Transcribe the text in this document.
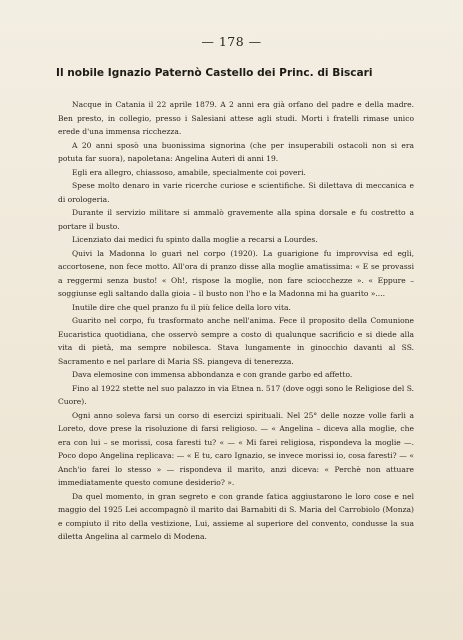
— 178 —
Il nobile Ignazio Paternò Castello dei Princ. di Biscari

Nacque in Catania il 22 aprile 1879. A 2 anni era già orfano del padre e della madre. Ben presto, in collegio, presso i Salesiani attese agli studi. Morti i fratelli rimase unico erede d'una immensa ricchezza.

A 20 anni sposò una buonissima signorina (che per insuperabili ostacoli non si era potuta far suora), napoletana: Angelina Auteri di anni 19.

Egli era allegro, chiassoso, amabile, specialmente coi poveri.

Spese molto denaro in varie ricerche curiose e scientifiche. Si dilettava di meccanica e di orologeria.

Durante il servizio militare si ammalò gravemente alla spina dorsale e fu costretto a portare il busto.

Licenziato dai medici fu spinto dalla moglie a recarsi a Lourdes.

Quivi la Madonna lo guarì nel corpo (1920). La guarigione fu improvvisa ed egli, accortosene, non fece motto. All'ora di pranzo disse alla moglie amatissima: « E se provassi a reggermi senza busto! « Oh!, rispose la moglie, non fare sciocchezze ». « Eppure – soggiunse egli saltando dalla gioia – il busto non l'ho e la Madonna mi ha guarito »....

Inutile dire che quel pranzo fu il più felice della loro vita.

Guarito nel corpo, fu trasformato anche nell'anima. Fece il proposito della Comunione Eucaristica quotidiana, che osservò sempre a costo di qualunque sacrificio e si diede alla vita di pietà, ma sempre nobilesca. Stava lungamente in ginocchio davanti al SS. Sacramento e nel parlare di Maria SS. piangeva di tenerezza.

Dava elemosine con immensa abbondanza e con grande garbo ed affetto.

Fino al 1922 stette nel suo palazzo in via Etnea n. 517 (dove oggi sono le Religiose del S. Cuore).

Ogni anno soleva farsi un corso di esercizi spirituali. Nel 25° delle nozze volle farli a Loreto, dove prese la risoluzione di farsi religioso. — « Angelina – diceva alla moglie, che era con lui – se morissi, cosa faresti tu? « — « Mi farei religiosa, rispondeva la moglie —. Poco dopo Angelina replicava: — « E tu, caro Ignazio, se invece morissi io, cosa faresti? — « Anch'io farei lo stesso » — rispondeva il marito, anzi diceva: « Perchè non attuare immediatamente questo comune desiderio? ».

Da quel momento, in gran segreto e con grande fatica aggiustarono le loro cose e nel maggio del 1925 Lei accompagnò il marito dai Barnabiti di S. Maria del Carrobiolo (Monza) e compiuto il rito della vestizione, Lui, assieme al superiore del convento, condusse la sua diletta Angelina al carmelo di Modena.
